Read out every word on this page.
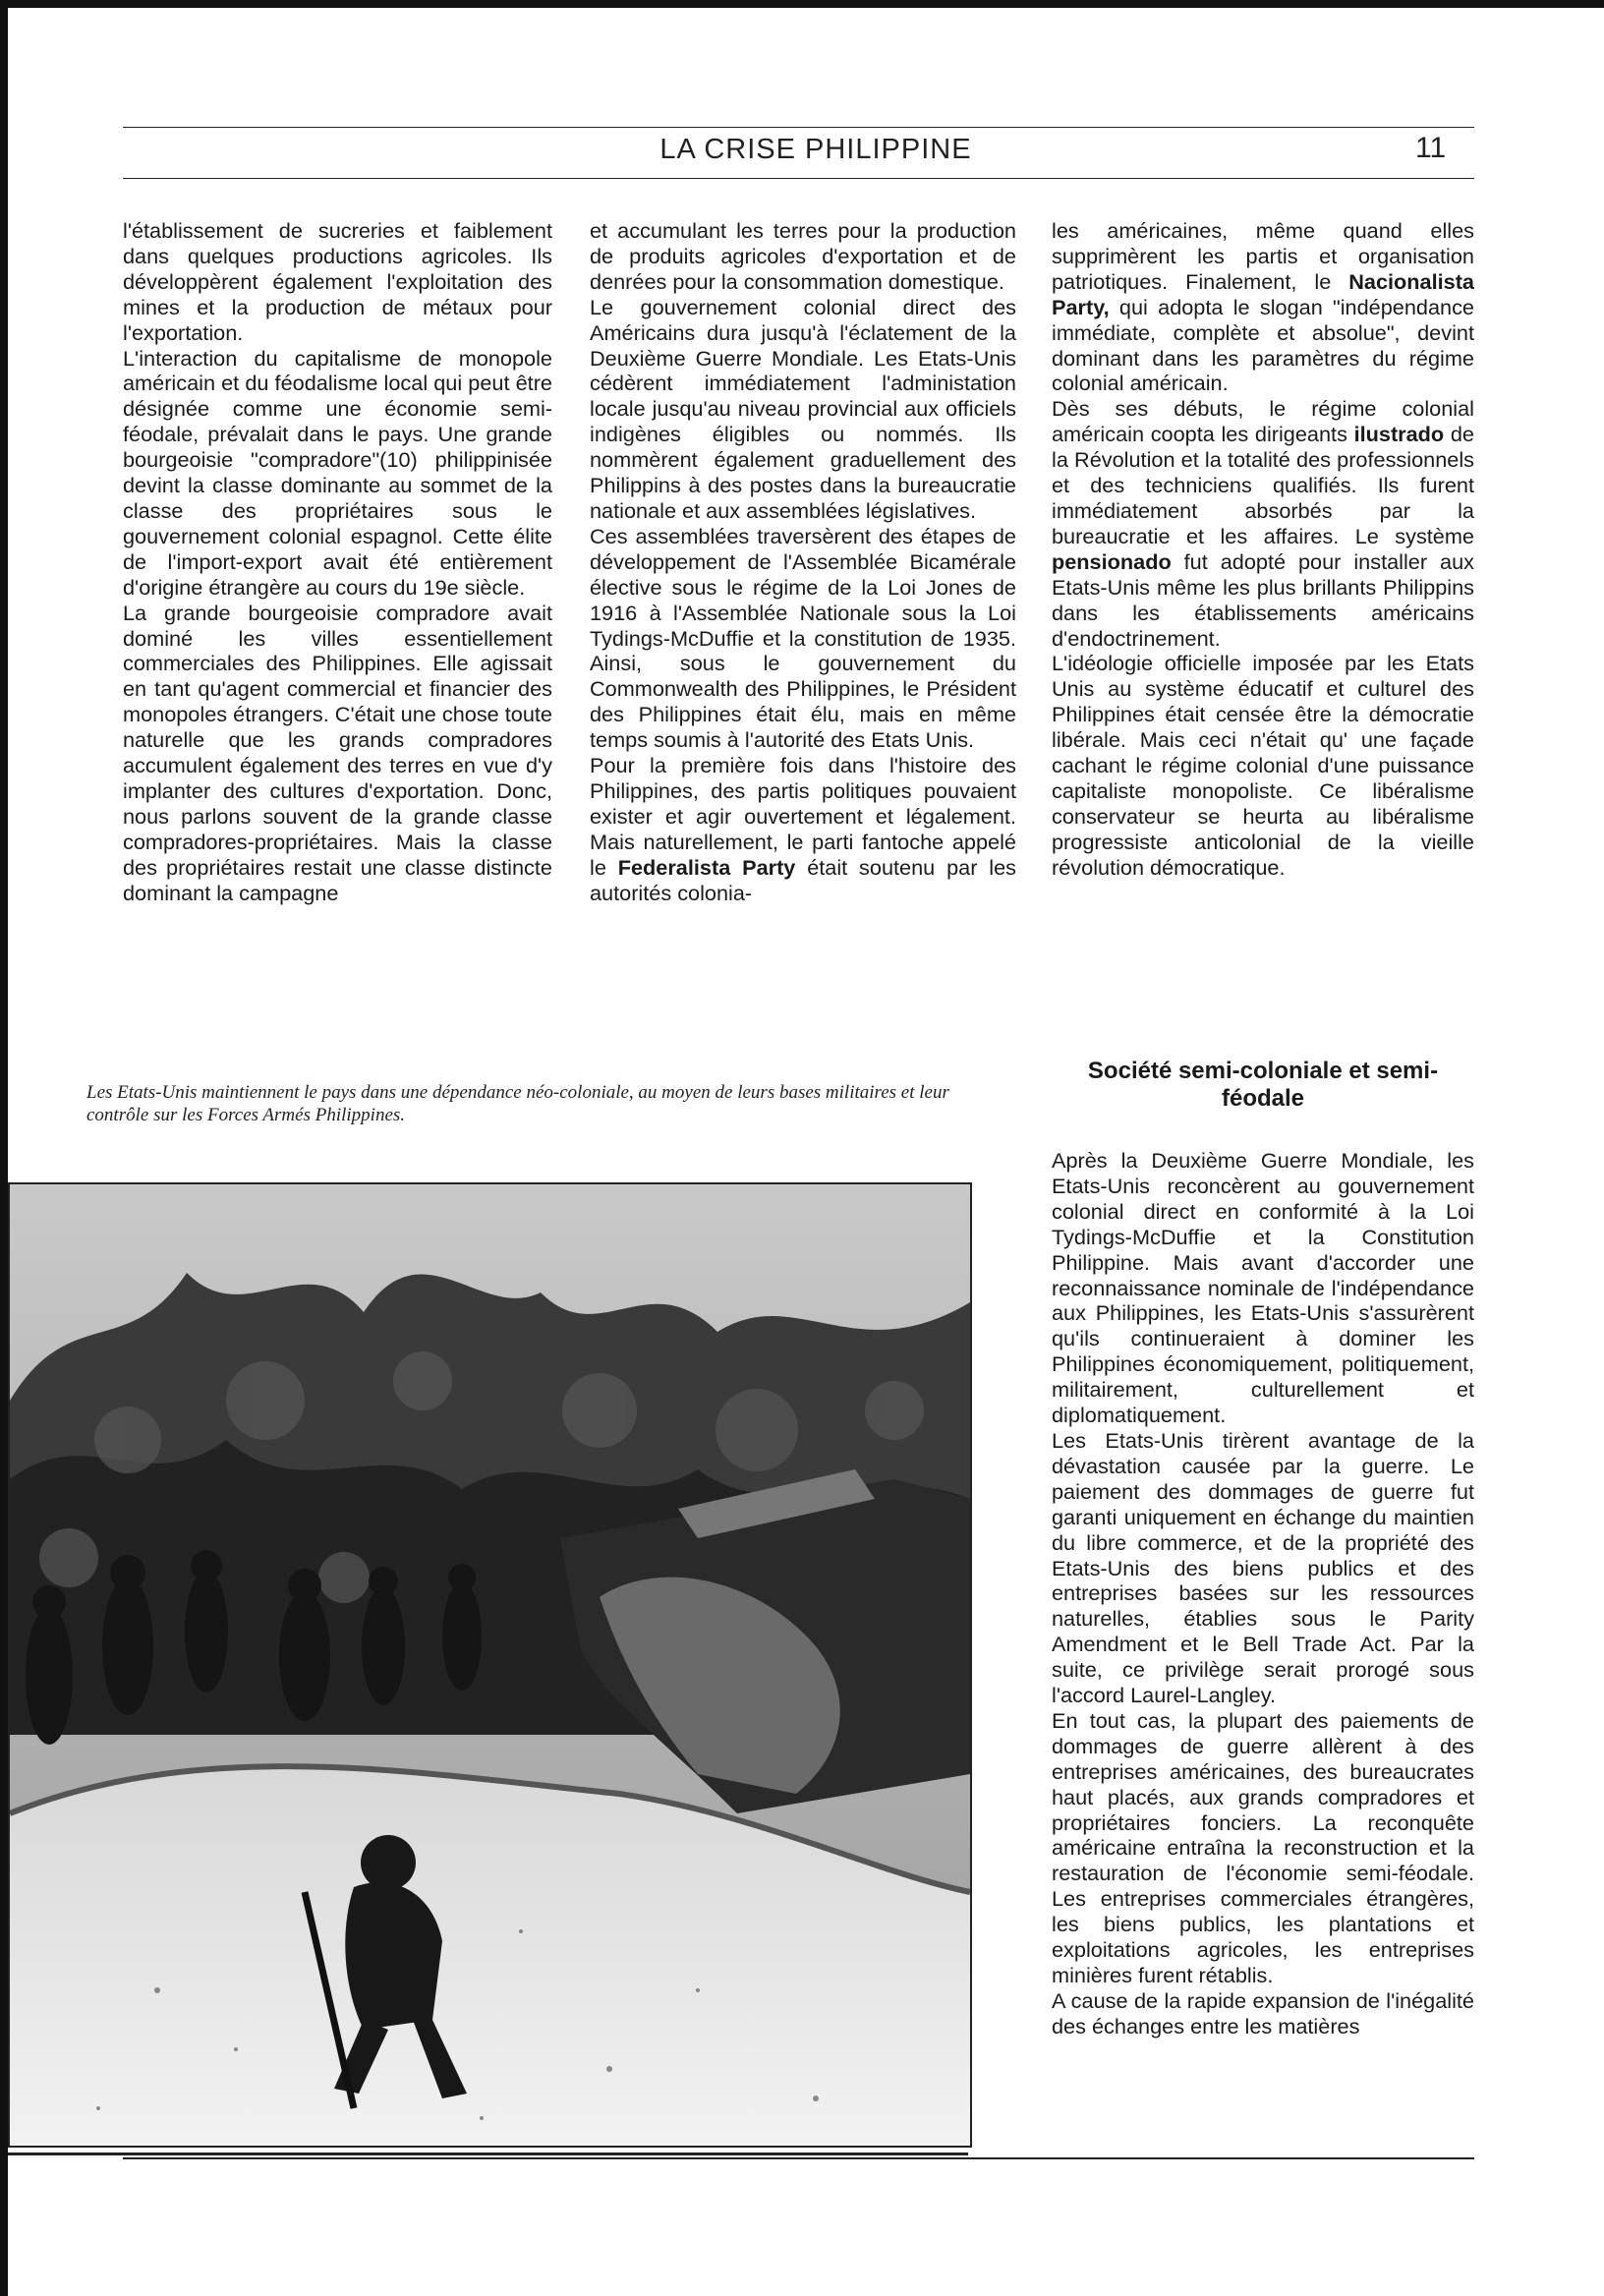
LA CRISE PHILIPPINE	11

l'établissement de sucreries et faiblement dans quelques productions agricoles. Ils développèrent également l'exploitation des mines et la production de métaux pour l'exportation.

L'interaction du capitalisme de monopole américain et du féodalisme local qui peut être désignée comme une économie semi-féodale, prévalait dans le pays. Une grande bourgeoisie "compradore"(10) philippinisée devint la classe dominante au sommet de la classe des propriétaires sous le gouvernement colonial espagnol. Cette élite de l'import-export avait été entièrement d'origine étrangère au cours du 19e siècle.

La grande bourgeoisie compradore avait dominé les villes essentiellement commerciales des Philippines. Elle agissait en tant qu'agent commercial et financier des monopoles étrangers. C'était une chose toute naturelle que les grands compradores accumulent également des terres en vue d'y implanter des cultures d'exportation. Donc, nous parlons souvent de la grande classe compradores-propriétaires. Mais la classe des propriétaires restait une classe distincte dominant la campagne

et accumulant les terres pour la production de produits agricoles d'exportation et de denrées pour la consommation domestique.

Le gouvernement colonial direct des Américains dura jusqu'à l'éclatement de la Deuxième Guerre Mondiale. Les Etats-Unis cédèrent immédiatement l'administation locale jusqu'au niveau provincial aux officiels indigènes éligibles ou nommés. Ils nommèrent également graduellement des Philippins à des postes dans la bureaucratie nationale et aux assemblées législatives.

Ces assemblées traversèrent des étapes de développement de l'Assemblée Bicamérale élective sous le régime de la Loi Jones de 1916 à l'Assemblée Nationale sous la Loi Tydings-McDuffie et la constitution de 1935. Ainsi, sous le gouvernement du Commonwealth des Philippines, le Président des Philippines était élu, mais en même temps soumis à l'autorité des Etats Unis.

Pour la première fois dans l'histoire des Philippines, des partis politiques pouvaient exister et agir ouvertement et légalement. Mais naturellement, le parti fantoche appelé le Federalista Party était soutenu par les autorités colonia-

les américaines, même quand elles supprimèrent les partis et organisation patriotiques. Finalement, le Nacionalista Party, qui adopta le slogan "indépendance immédiate, complète et absolue", devint dominant dans les paramètres du régime colonial américain.

Dès ses débuts, le régime colonial américain coopta les dirigeants ilustrado de la Révolution et la totalité des professionnels et des techniciens qualifiés. Ils furent immédiatement absorbés par la bureaucratie et les affaires. Le système pensionado fut adopté pour installer aux Etats-Unis même les plus brillants Philippins dans les établissements américains d'endoctrinement.

L'idéologie officielle imposée par les Etats Unis au système éducatif et culturel des Philippines était censée être la démocratie libérale. Mais ceci n'était qu' une façade cachant le régime colonial d'une puissance capitaliste monopoliste. Ce libéralisme conservateur se heurta au libéralisme progressiste anticolonial de la vieille révolution démocratique.

Société semi-coloniale et semi-féodale

Après la Deuxième Guerre Mondiale, les Etats-Unis reconcèrent au gouvernement colonial direct en conformité à la Loi Tydings-McDuffie et la Constitution Philippine. Mais avant d'accorder une reconnaissance nominale de l'indépendance aux Philippines, les Etats-Unis s'assurèrent qu'ils continueraient à dominer les Philippines économiquement, politiquement, militairement, culturellement et diplomatiquement.

Les Etats-Unis tirèrent avantage de la dévastation causée par la guerre. Le paiement des dommages de guerre fut garanti uniquement en échange du maintien du libre commerce, et de la propriété des Etats-Unis des biens publics et des entreprises basées sur les ressources naturelles, établies sous le Parity Amendment et le Bell Trade Act. Par la suite, ce privilège serait prorogé sous l'accord Laurel-Langley.

En tout cas, la plupart des paiements de dommages de guerre allèrent à des entreprises américaines, des bureaucrates haut placés, aux grands compradores et propriétaires fonciers. La reconquête américaine entraîna la reconstruction et la restauration de l'économie semi-féodale. Les entreprises commerciales étrangères, les biens publics, les plantations et exploitations agricoles, les entreprises minières furent rétablis.

A cause de la rapide expansion de l'inégalité des échanges entre les matières

Les Etats-Unis maintiennent le pays dans une dépendance néo-coloniale, au moyen de leurs bases militaires et leur contrôle sur les Forces Armés Philippines.
